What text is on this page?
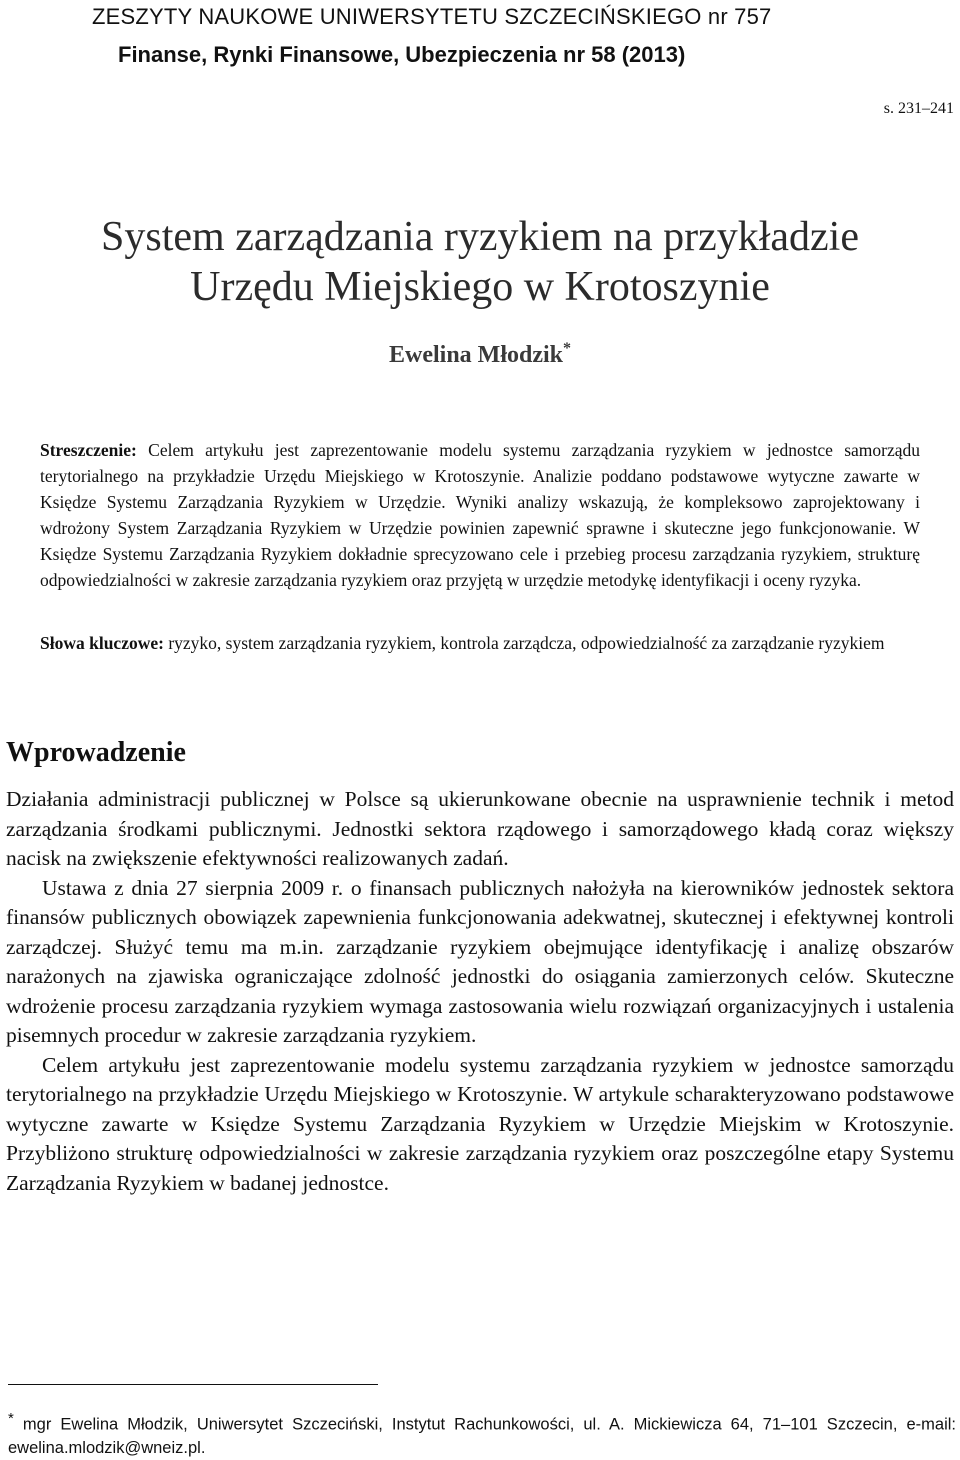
ZESZYTY NAUKOWE UNIWERSYTETU SZCZECIŃSKIEGO nr 757
Finanse, Rynki Finansowe, Ubezpieczenia nr 58 (2013)
s. 231–241
System zarządzania ryzykiem na przykładzie
Urzędu Miejskiego w Krotoszynie
Ewelina Młodzik*
Streszczenie: Celem artykułu jest zaprezentowanie modelu systemu zarządzania ryzykiem w jednostce samorządu terytorialnego na przykładzie Urzędu Miejskiego w Krotoszynie. Analizie poddano podstawowe wytyczne zawarte w Księdze Systemu Zarządzania Ryzykiem w Urzędzie. Wyniki analizy wskazują, że kompleksowo zaprojektowany i wdrożony System Zarządzania Ryzykiem w Urzędzie powinien zapewnić sprawne i skuteczne jego funkcjonowanie. W Księdze Systemu Zarządzania Ryzykiem dokładnie sprecyzowano cele i przebieg procesu zarządzania ryzykiem, strukturę odpowiedzialności w zakresie zarządzania ryzykiem oraz przyjętą w urzędzie metodykę identyfikacji i oceny ryzyka.
Słowa kluczowe: ryzyko, system zarządzania ryzykiem, kontrola zarządcza, odpowiedzialność za zarządzanie ryzykiem
Wprowadzenie

Działania administracji publicznej w Polsce są ukierunkowane obecnie na usprawnienie technik i metod zarządzania środkami publicznymi. Jednostki sektora rządowego i samorządowego kładą coraz większy nacisk na zwiększenie efektywności realizowanych zadań.

Ustawa z dnia 27 sierpnia 2009 r. o finansach publicznych nałożyła na kierowników jednostek sektora finansów publicznych obowiązek zapewnienia funkcjonowania adekwatnej, skutecznej i efektywnej kontroli zarządczej. Służyć temu ma m.in. zarządzanie ryzykiem obejmujące identyfikację i analizę obszarów narażonych na zjawiska ograniczające zdolność jednostki do osiągania zamierzonych celów. Skuteczne wdrożenie procesu zarządzania ryzykiem wymaga zastosowania wielu rozwiązań organizacyjnych i ustalenia pisemnych procedur w zakresie zarządzania ryzykiem.

Celem artykułu jest zaprezentowanie modelu systemu zarządzania ryzykiem w jednostce samorządu terytorialnego na przykładzie Urzędu Miejskiego w Krotoszynie. W artykule scharakteryzowano podstawowe wytyczne zawarte w Księdze Systemu Zarządzania Ryzykiem w Urzędzie Miejskim w Krotoszynie. Przybliżono strukturę odpowiedzialności w zakresie zarządzania ryzykiem oraz poszczególne etapy Systemu Zarządzania Ryzykiem w badanej jednostce.

* mgr Ewelina Młodzik, Uniwersytet Szczeciński, Instytut Rachunkowości, ul. A. Mickiewicza 64, 71–101 Szczecin, e-mail: ewelina.mlodzik@wneiz.pl.
